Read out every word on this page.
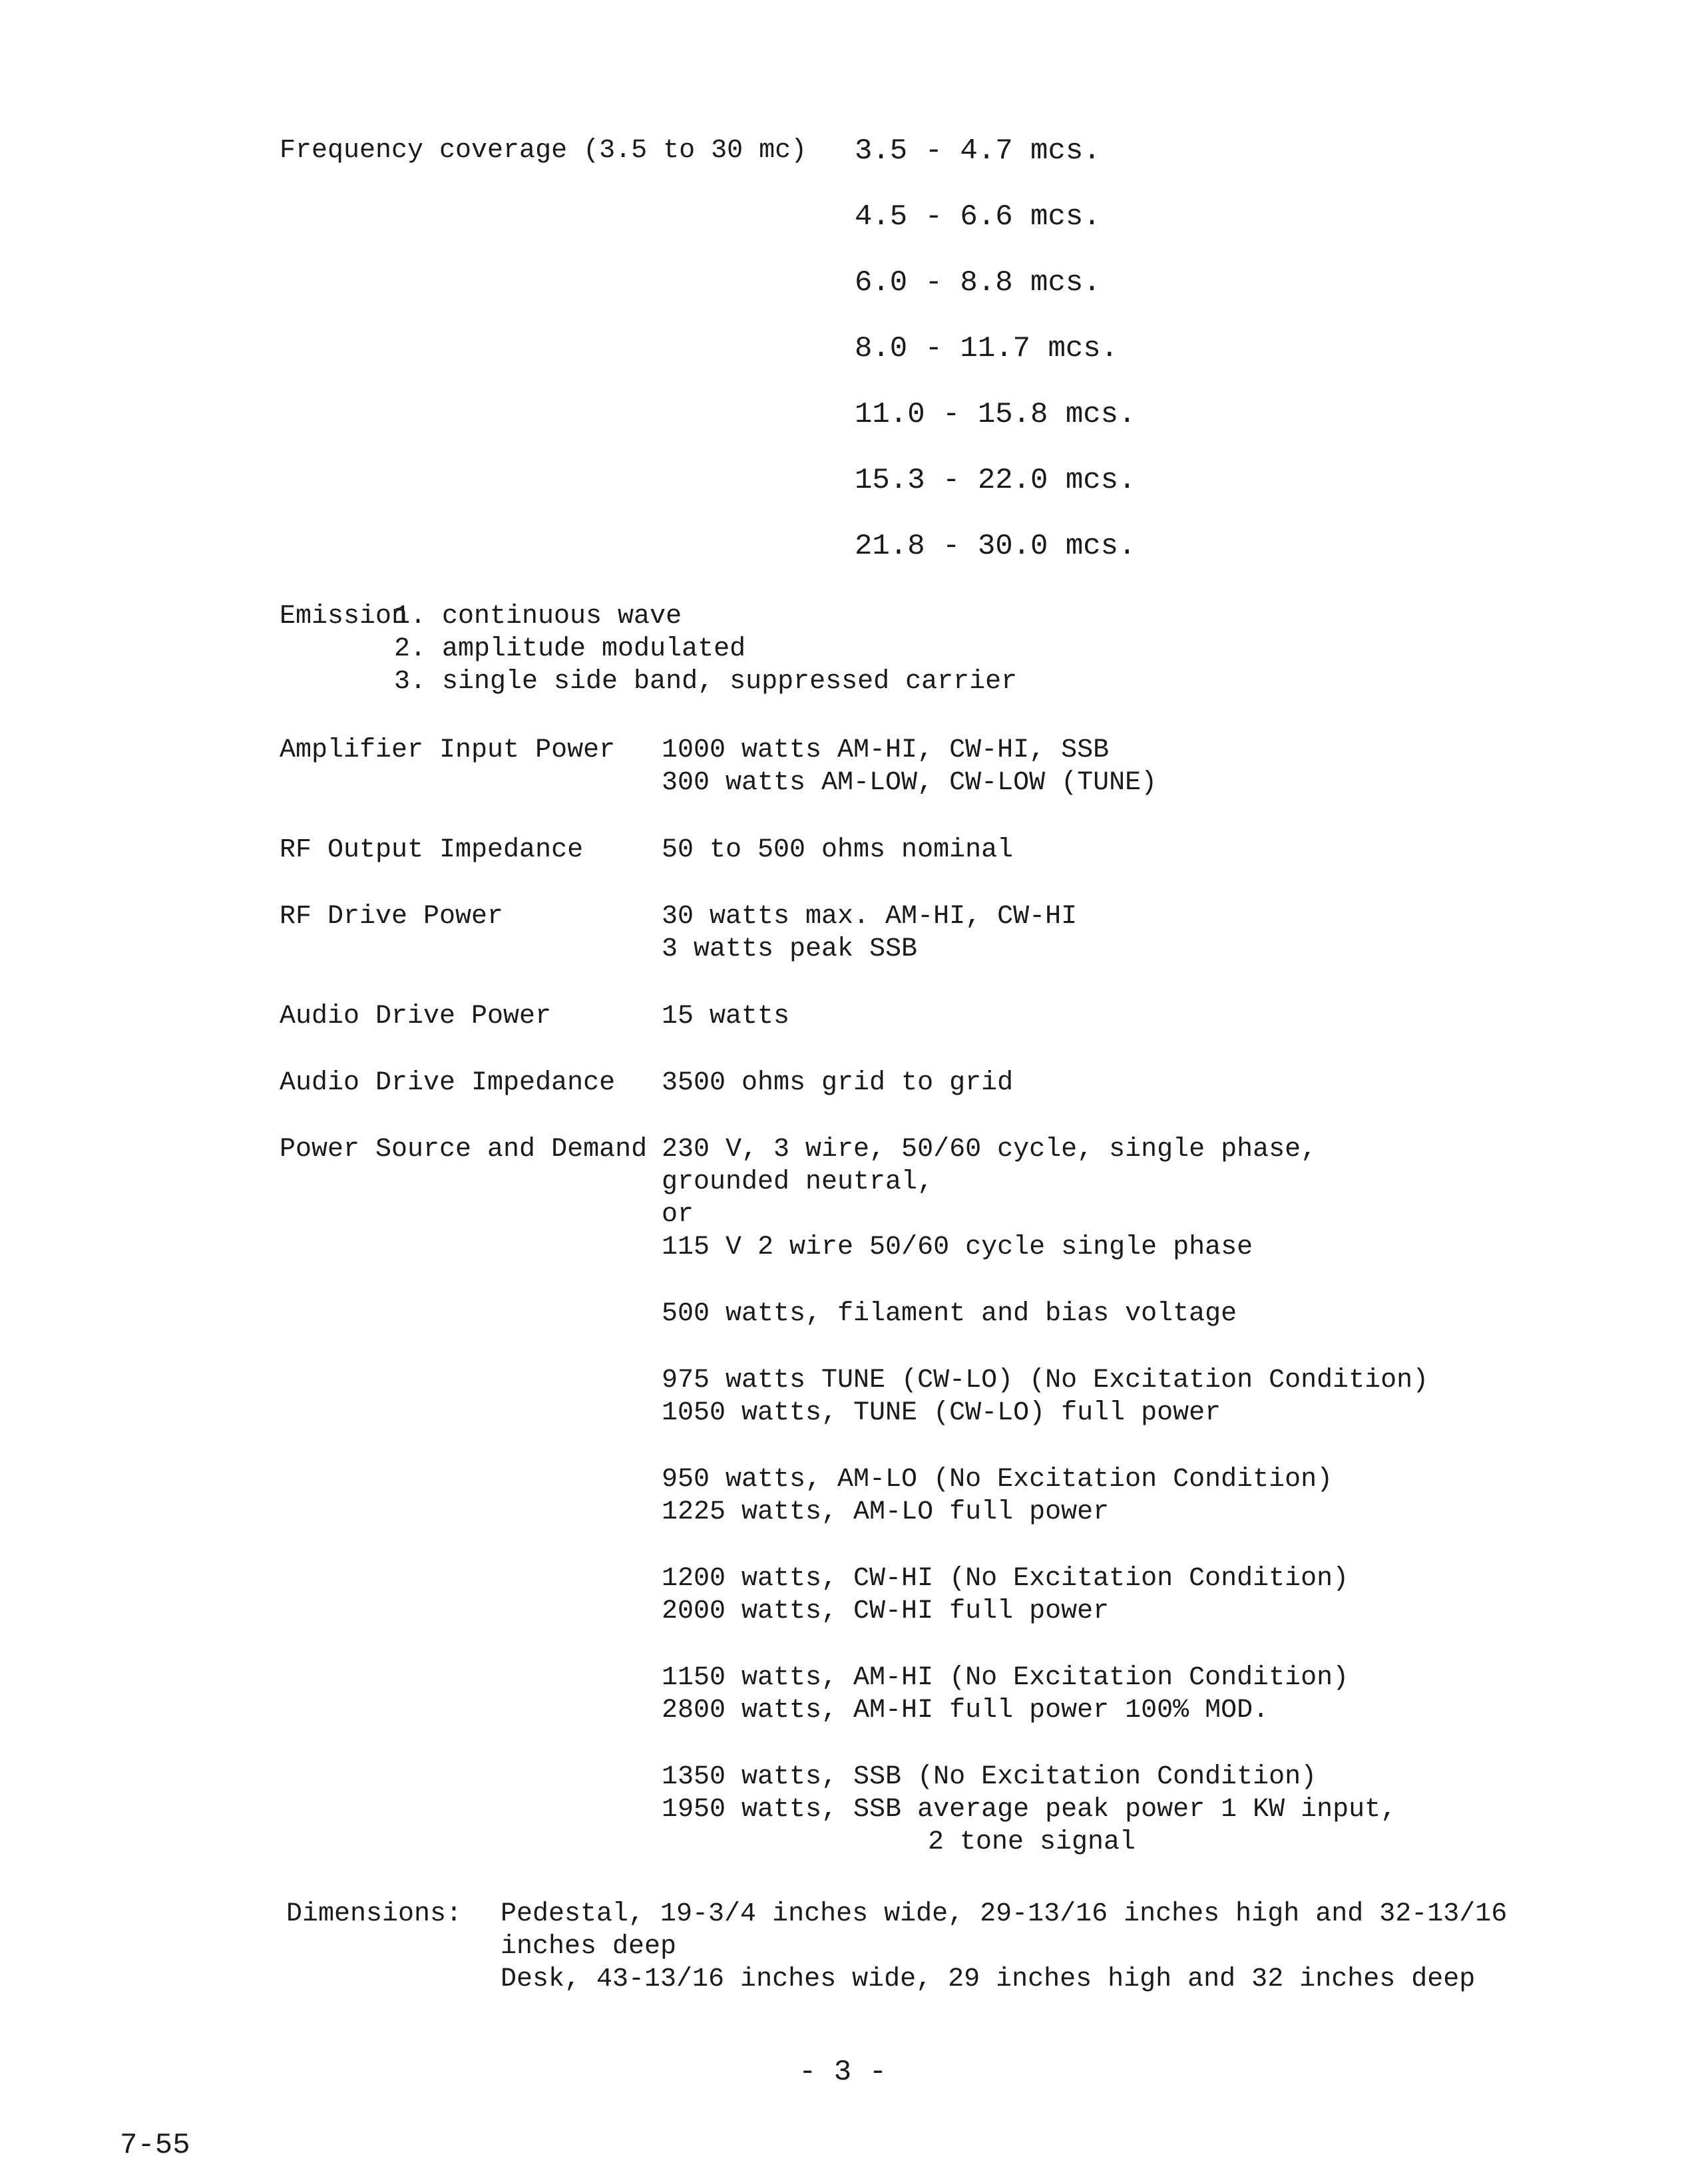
Frequency coverage (3.5 to 30 mc) 3.5 - 4.7 mcs.
4.5 - 6.6 mcs.
6.0 - 8.8 mcs.
8.0 - 11.7 mcs.
11.0 - 15.8 mcs.
15.3 - 22.0 mcs.
21.8 - 30.0 mcs.
Emission
1. continuous wave
2. amplitude modulated
3. single side band, suppressed carrier
Amplifier Input Power 1000 watts AM-HI, CW-HI, SSB
300 watts AM-LOW, CW-LOW (TUNE)
RF Output Impedance	50 to 500 ohms nominal
RF Drive Power	30 watts max. AM-HI, CW-HI
3 watts peak SSB
Audio Drive Power	15 watts
Audio Drive Impedance 3500 ohms grid to grid
Power Source and Demand 230 V, 3 wire, 50/60 cycle, single phase,
grounded neutral,
or
115 V 2 wire 50/60 cycle single phase
500 watts, filament and bias voltage
975 watts TUNE (CW-LO) (No Excitation Condition)
1050 watts, TUNE (CW-LO) full power
950 watts, AM-LO (No Excitation Condition)
1225 watts, AM-LO full power
1200 watts, CW-HI (No Excitation Condition)
2000 watts, CW-HI full power
1150 watts, AM-HI (No Excitation Condition)
2800 watts, AM-HI full power 100% MOD.
1350 watts, SSB (No Excitation Condition)
1950 watts, SSB average peak power 1 KW input,
2 tone signal
Dimensions: Pedestal, 19-3/4 inches wide, 29-13/16 inches high and 32-13/16
inches deep
Desk, 43-13/16 inches wide, 29 inches high and 32 inches deep
- 3 -
7-55
